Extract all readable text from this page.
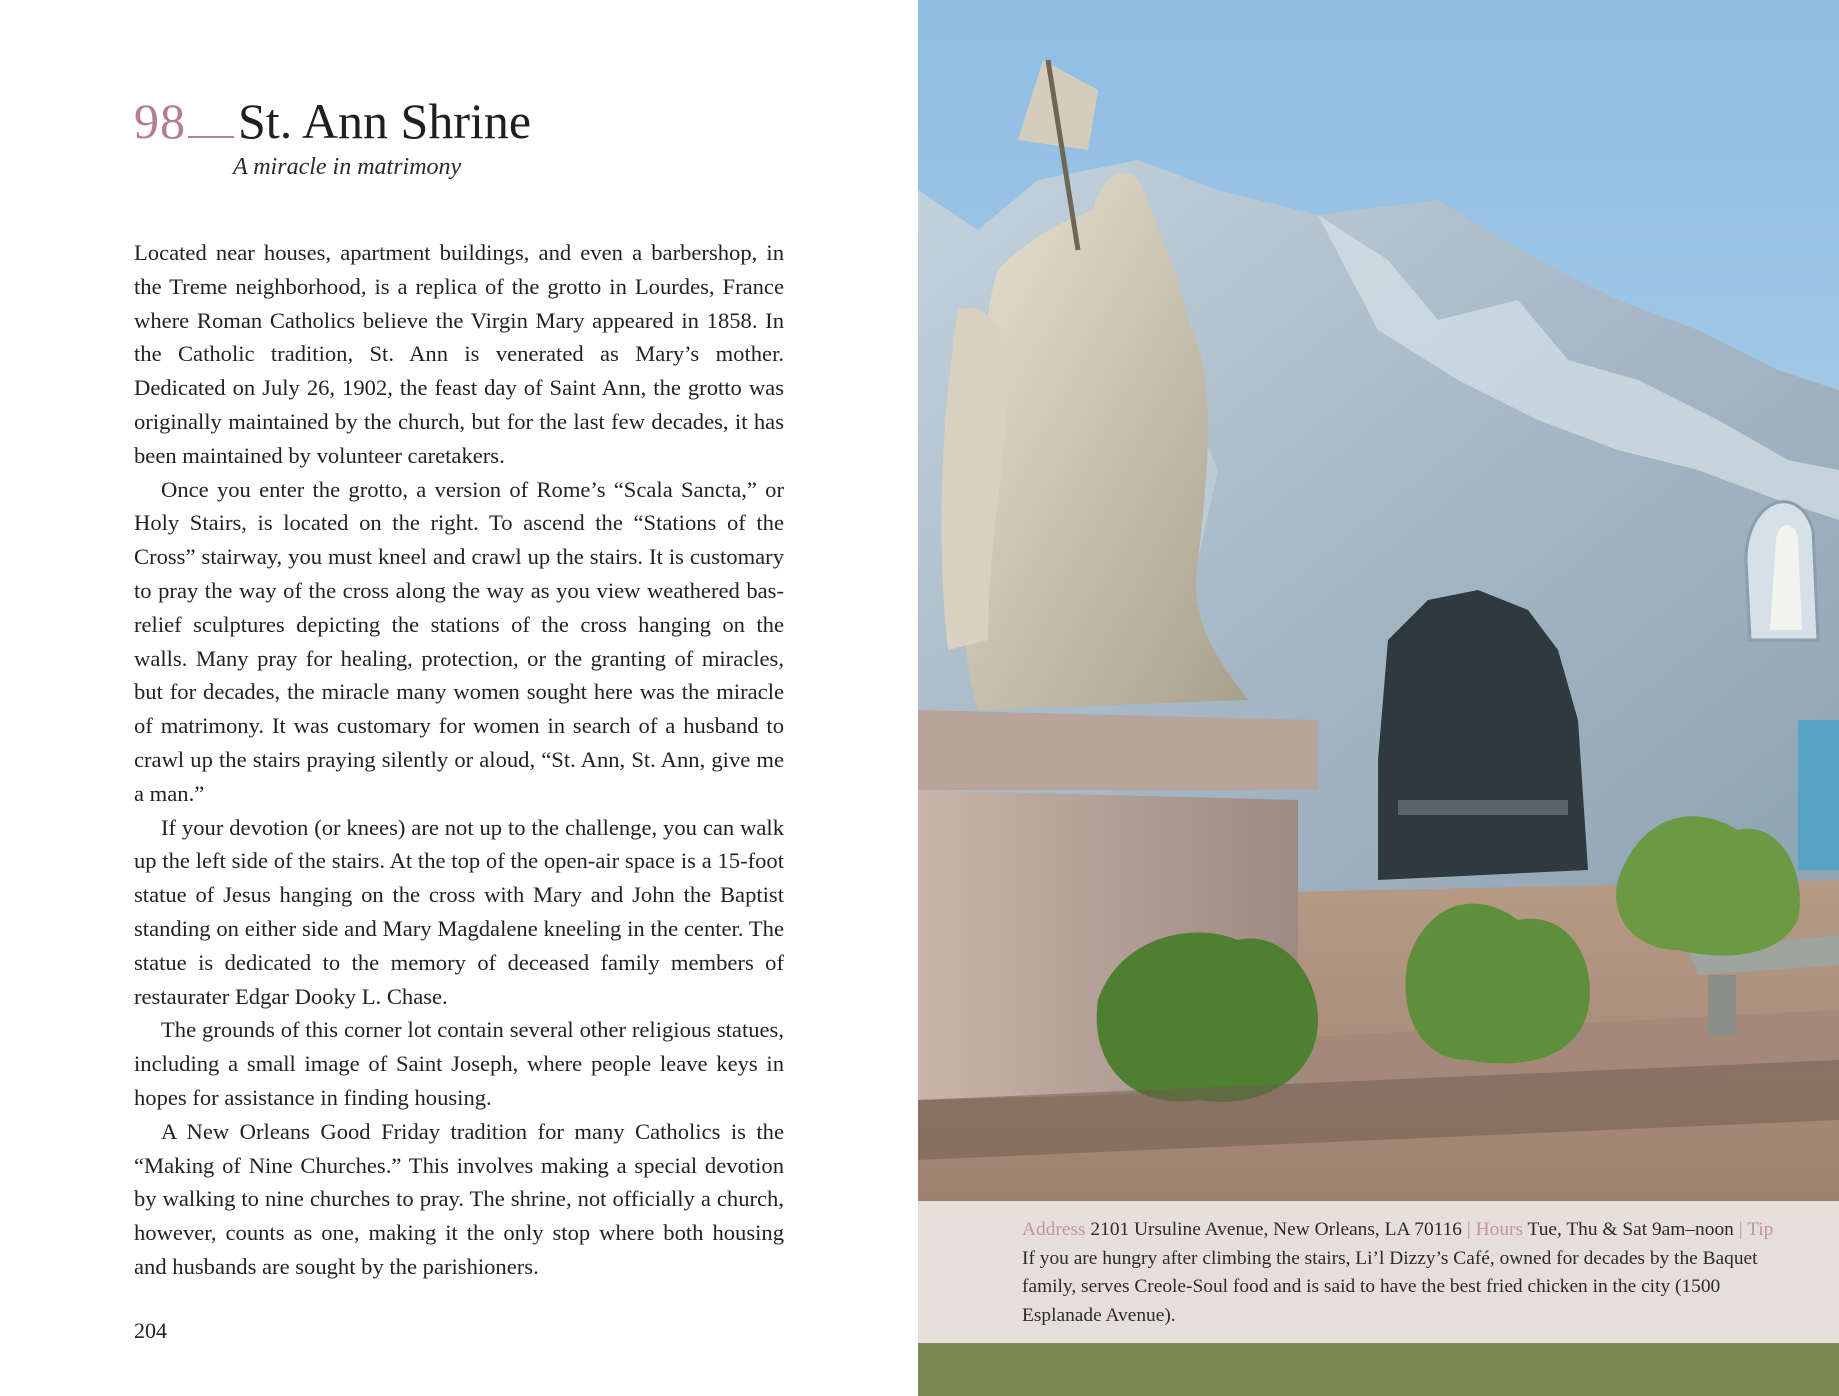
98 St. Ann Shrine
A miracle in matrimony

Located near houses, apartment buildings, and even a barbershop, in the Treme neighborhood, is a replica of the grotto in Lourdes, France where Roman Catholics believe the Virgin Mary appeared in 1858. In the Catholic tradition, St. Ann is venerated as Mary’s mother. Dedicated on July 26, 1902, the feast day of Saint Ann, the grotto was originally maintained by the church, but for the last few decades, it has been maintained by volunteer caretakers.

Once you enter the grotto, a version of Rome’s “Scala Sancta,” or Holy Stairs, is located on the right. To ascend the “Stations of the Cross” stairway, you must kneel and crawl up the stairs. It is customary to pray the way of the cross along the way as you view weathered bas-relief sculptures depicting the stations of the cross hanging on the walls. Many pray for healing, protection, or the granting of miracles, but for decades, the miracle many women sought here was the miracle of matrimony. It was customary for women in search of a husband to crawl up the stairs praying silently or aloud, “St. Ann, St. Ann, give me a man.”

If your devotion (or knees) are not up to the challenge, you can walk up the left side of the stairs. At the top of the open-air space is a 15-foot statue of Jesus hanging on the cross with Mary and John the Baptist standing on either side and Mary Magdalene kneeling in the center. The statue is dedicated to the memory of deceased family members of restaurater Edgar Dooky L. Chase.

The grounds of this corner lot contain several other religious statues, including a small image of Saint Joseph, where people leave keys in hopes for assistance in finding housing.

A New Orleans Good Friday tradition for many Catholics is the “Making of Nine Churches.” This involves making a special devotion by walking to nine churches to pray. The shrine, not officially a church, however, counts as one, making it the only stop where both housing and husbands are sought by the parishioners.

204
Address 2101 Ursuline Avenue, New Orleans, LA 70116 | Hours Tue, Thu & Sat 9am–noon | Tip If you are hungry after climbing the stairs, Li’l Dizzy’s Café, owned for decades by the Baquet family, serves Creole-Soul food and is said to have the best fried chicken in the city (1500 Esplanade Avenue).
